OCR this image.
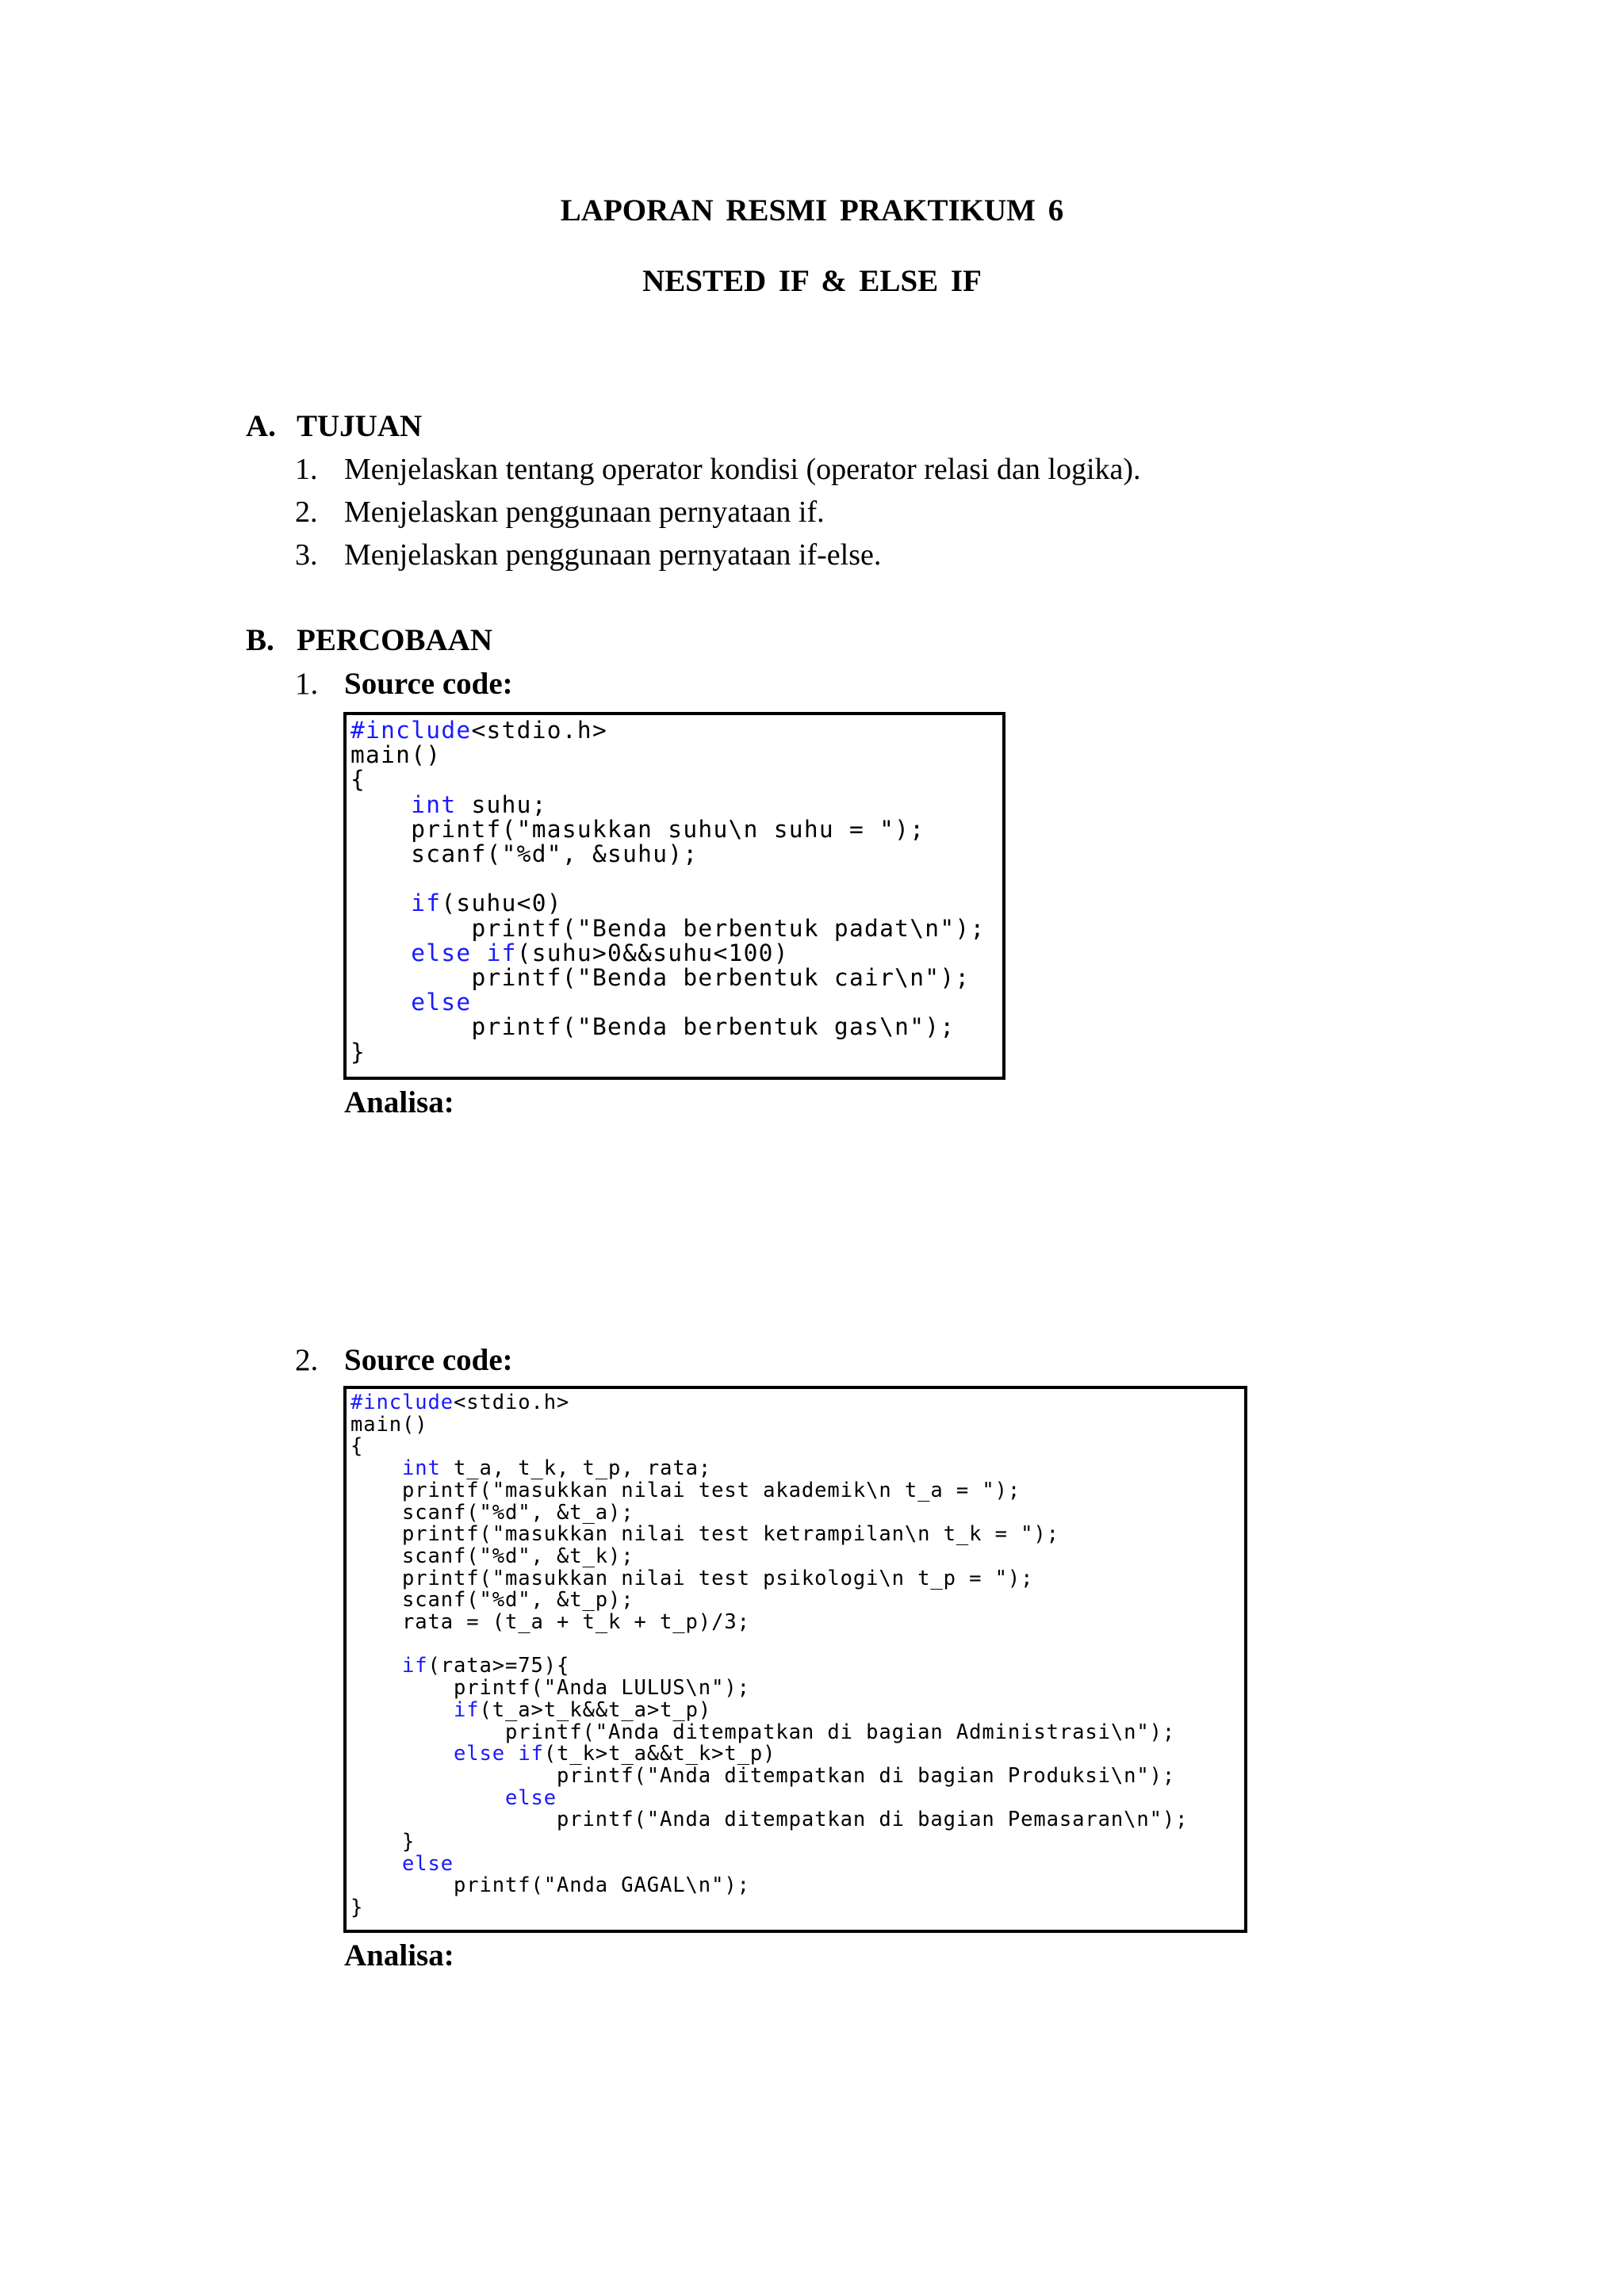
LAPORAN RESMI PRAKTIKUM 6
NESTED IF & ELSE IF
A. TUJUAN
1. Menjelaskan tentang operator kondisi (operator relasi dan logika).
2. Menjelaskan penggunaan pernyataan if.
3. Menjelaskan penggunaan pernyataan if-else.
B. PERCOBAAN
1. Source code:
#include<stdio.h>
main()
{
int suhu;
printf("masukkan suhu\n suhu = ");
scanf("%d", &suhu);

if(suhu<0)
printf("Benda berbentuk padat\n");
else if(suhu>0&&suhu<100)
printf("Benda berbentuk cair\n");
else
printf("Benda berbentuk gas\n");
}
Analisa:
2. Source code:
#include<stdio.h>
main()
{
int t_a, t_k, t_p, rata;
printf("masukkan nilai test akademik\n t_a = ");
scanf("%d", &t_a);
printf("masukkan nilai test ketrampilan\n t_k = ");
scanf("%d", &t_k);
printf("masukkan nilai test psikologi\n t_p = ");
scanf("%d", &t_p);
rata = (t_a + t_k + t_p)/3;

if(rata>=75){
printf("Anda LULUS\n");
if(t_a>t_k&&t_a>t_p)
printf("Anda ditempatkan di bagian Administrasi\n");
else if(t_k>t_a&&t_k>t_p)
printf("Anda ditempatkan di bagian Produksi\n");
else
printf("Anda ditempatkan di bagian Pemasaran\n");
}
else
printf("Anda GAGAL\n");
}
Analisa:
